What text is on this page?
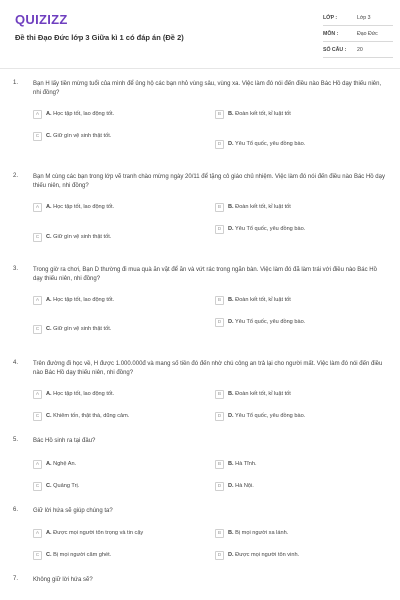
QUIZIZZ
Đề thi Đạo Đức lớp 3 Giữa kì 1 có đáp án (Đề 2)
LỚP :	Lớp 3
MÔN :	Đạo Đức
SỐ CÂU :	20
1. Bạn H lấy tiền mừng tuổi của mình để ủng hộ các bạn nhỏ vùng sâu, vùng xa. Việc làm đó nói đến điều nào Bác Hồ dạy thiếu niên, nhi đồng?
A	A. Học tập tốt, lao động tốt.	B	B. Đoàn kết tốt, kỉ luật tốt
C	C. Giữ gìn vệ sinh thật tốt.
D	D. Yêu Tổ quốc, yêu đồng bào.
2. Bạn M cùng các bạn trong lớp vẽ tranh chào mừng ngày 20/11 để tặng cô giáo chủ nhiệm. Việc làm đó nói đến điều nào Bác Hồ dạy thiếu niên, nhi đồng?
A	A. Học tập tốt, lao động tốt.	B	B. Đoàn kết tốt, kỉ luật tốt
C	C. Giữ gìn vệ sinh thật tốt.
D	D. Yêu Tổ quốc, yêu đồng bào.
3. Trong giờ ra chơi, Bạn D thường đi mua quà ăn vặt để ăn và vứt rác trong ngăn bàn. Việc làm đó đã làm trái với điều nào Bác Hồ dạy thiếu niên, nhi đồng?
A	A. Học tập tốt, lao động tốt.	B	B. Đoàn kết tốt, kỉ luật tốt
C	C. Giữ gìn vệ sinh thật tốt.
D	D. Yêu Tổ quốc, yêu đồng bào.
4. Trên đường đi học về, H được 1.000.000đ và mang số tiền đó đến nhờ chú công an trả lại cho người mất. Việc làm đó nói đến điều nào Bác Hồ dạy thiếu niên, nhi đồng?
A	A. Học tập tốt, lao động tốt.	B	B. Đoàn kết tốt, kỉ luật tốt
C	C. Khiêm tốn, thật thà, dũng cảm.	D	D. Yêu Tổ quốc, yêu đồng bào.
5. Bác Hồ sinh ra tại đâu?
A	A. Nghệ An.	B	B. Hà Tĩnh.
C	C. Quảng Trị.	D	D. Hà Nội.
6. Giữ lời hứa sẽ giúp chúng ta?
A	A. Được mọi người tôn trọng và tin cậy	B	B. Bị mọi người xa lánh.
C	C. Bị mọi người căm ghét.	D	D. Được mọi người tôn vinh.
7. Không giữ lời hứa sẽ?
